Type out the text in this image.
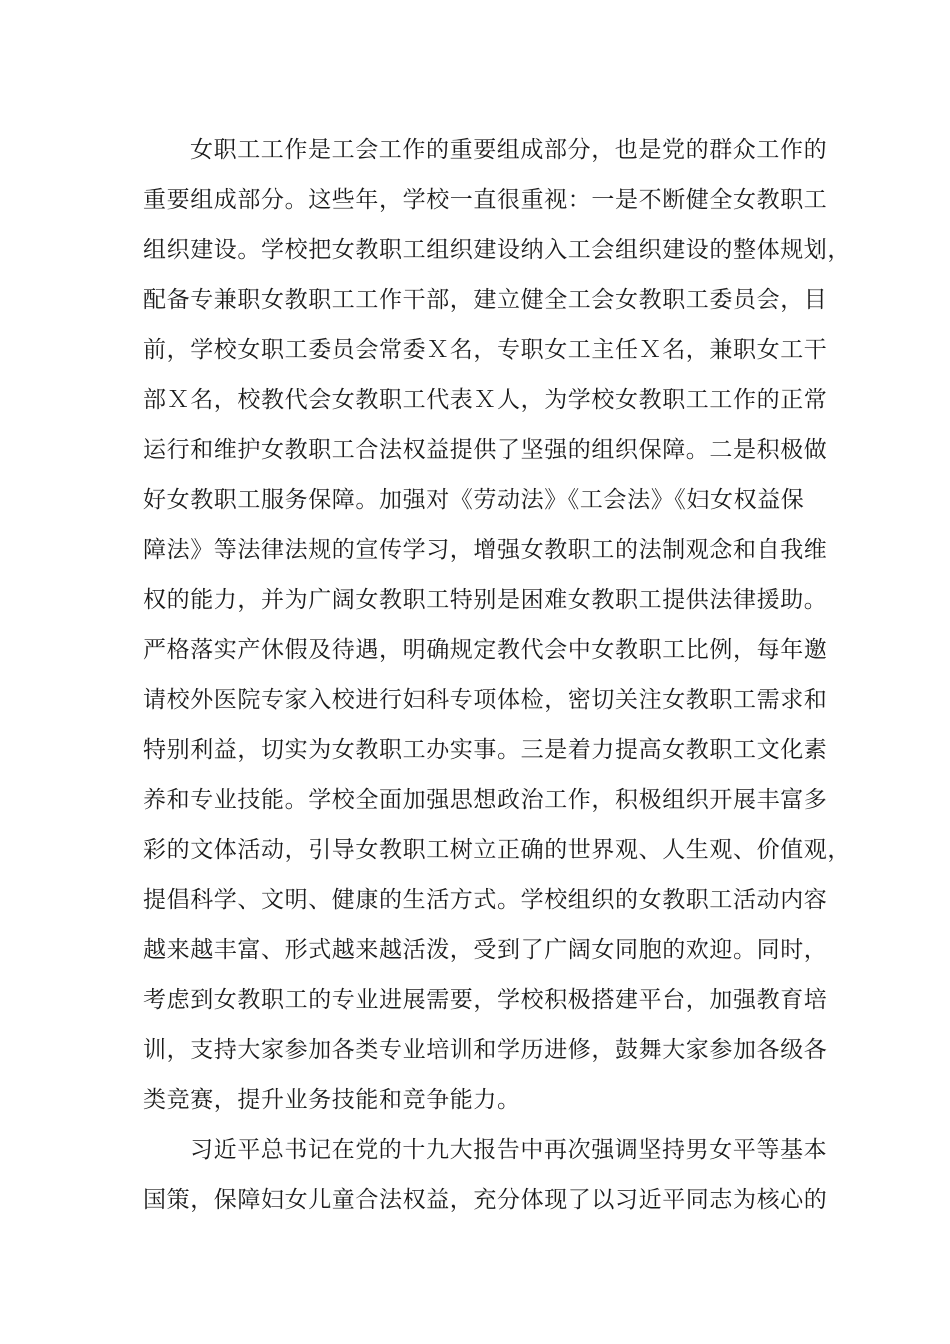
女职工工作是工会工作的重要组成部分，也是党的群众工作的
重要组成部分。这些年，学校一直很重视：一是不断健全女教职工
组织建设。学校把女教职工组织建设纳入工会组织建设的整体规划，
配备专兼职女教职工工作干部，建立健全工会女教职工委员会，目
前，学校女职工委员会常委Ｘ名，专职女工主任Ｘ名，兼职女工干
部Ｘ名，校教代会女教职工代表Ｘ人，为学校女教职工工作的正常
运行和维护女教职工合法权益提供了坚强的组织保障。二是积极做
好女教职工服务保障。加强对《劳动法》《工会法》《妇女权益保
障法》等法律法规的宣传学习，增强女教职工的法制观念和自我维
权的能力，并为广阔女教职工特别是困难女教职工提供法律援助。
严格落实产休假及待遇，明确规定教代会中女教职工比例，每年邀
请校外医院专家入校进行妇科专项体检，密切关注女教职工需求和
特别利益，切实为女教职工办实事。三是着力提高女教职工文化素
养和专业技能。学校全面加强思想政治工作，积极组织开展丰富多
彩的文体活动，引导女教职工树立正确的世界观、人生观、价值观，
提倡科学、文明、健康的生活方式。学校组织的女教职工活动内容
越来越丰富、形式越来越活泼，受到了广阔女同胞的欢迎。同时，
考虑到女教职工的专业进展需要，学校积极搭建平台，加强教育培
训，支持大家参加各类专业培训和学历进修，鼓舞大家参加各级各
类竞赛，提升业务技能和竞争能力。
习近平总书记在党的十九大报告中再次强调坚持男女平等基本
国策，保障妇女儿童合法权益，充分体现了以习近平同志为核心的
